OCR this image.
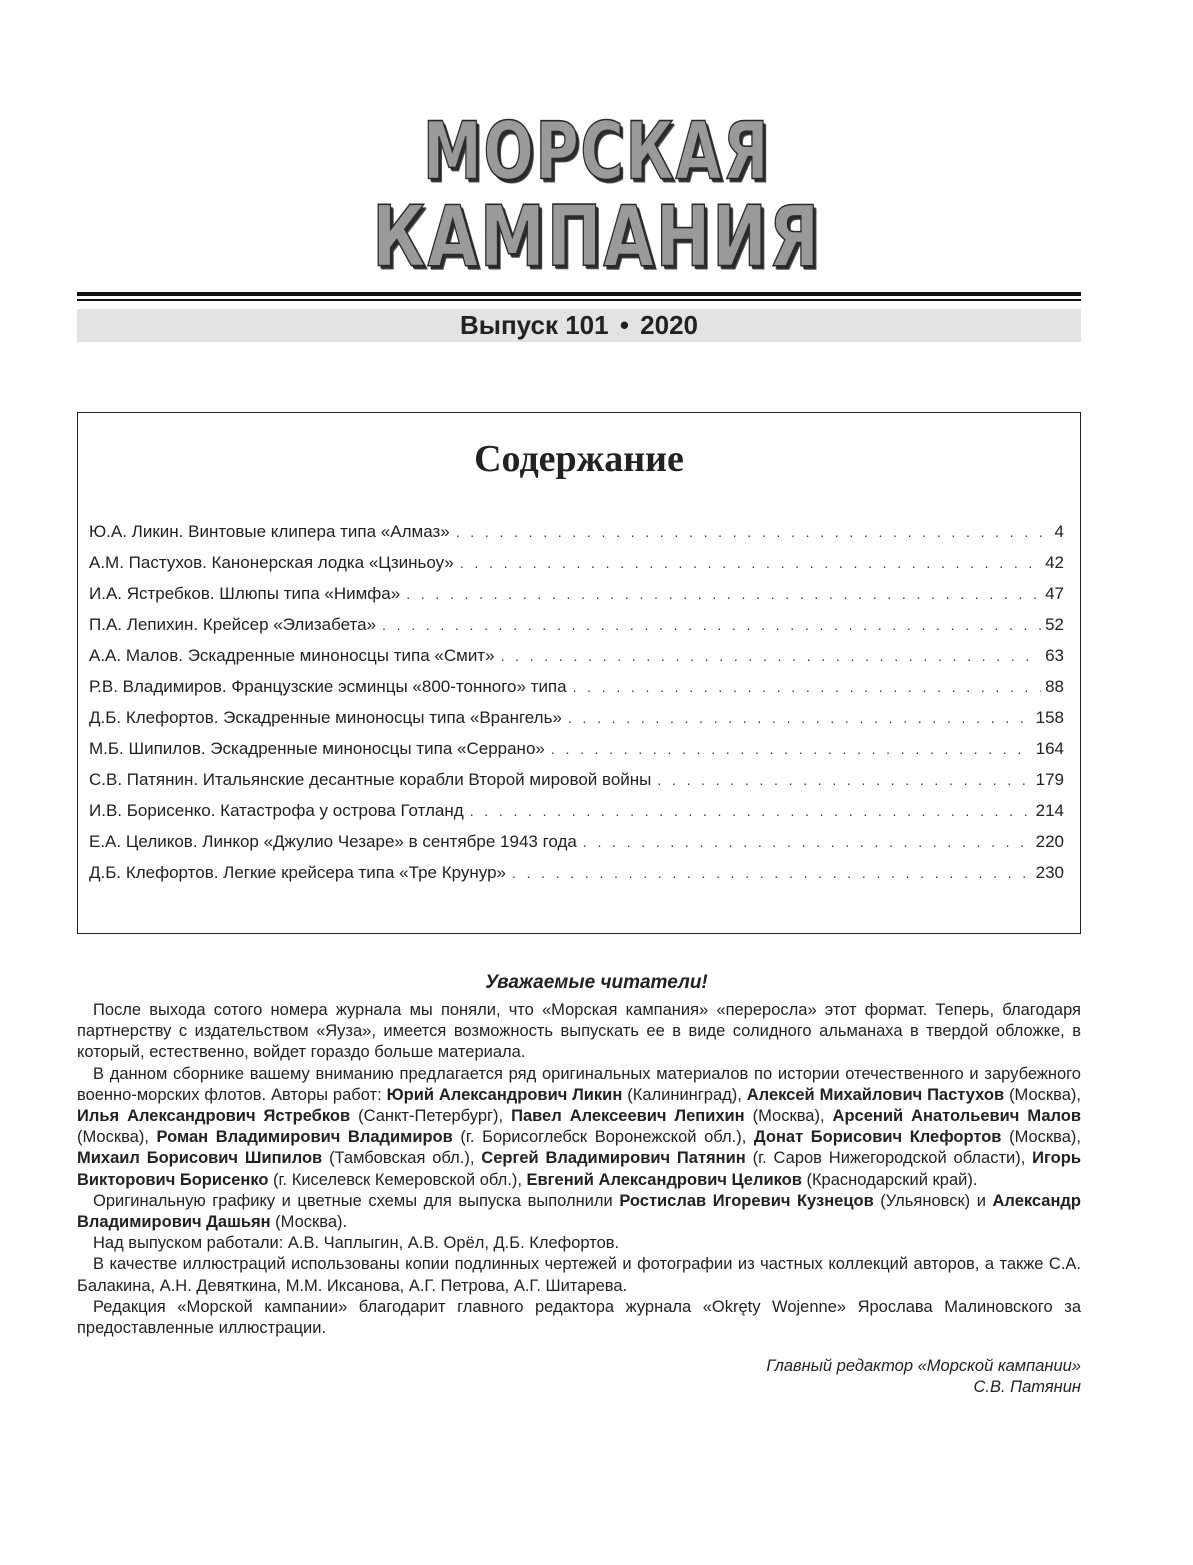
МОРСКАЯ
КАМПАНИЯ
Выпуск 101 • 2020
Содержание
Ю.А. Ликин. Винтовые клипера типа «Алмаз» . . .	4
А.М. Пастухов. Канонерская лодка «Цзиньоу» . . .	42
И.А. Ястребков. Шлюпы типа «Нимфа» . . .	47
П.А. Лепихин. Крейсер «Элизабета» . . .	52
А.А. Малов. Эскадренные миноносцы типа «Смит» . . .	63
Р.В. Владимиров. Французские эсминцы «800-тонного» типа . . .	88
Д.Б. Клефортов. Эскадренные миноносцы типа «Врангель» . . .	158
М.Б. Шипилов. Эскадренные миноносцы типа «Серрано» . . .	164
С.В. Патянин. Итальянские десантные корабли Второй мировой войны . . .	179
И.В. Борисенко. Катастрофа у острова Готланд . . .	214
Е.А. Целиков. Линкор «Джулио Чезаре» в сентябре 1943 года . . .	220
Д.Б. Клефортов. Легкие крейсера типа «Тре Крунур» . . .	230
Уважаемые читатели!

После выхода сотого номера журнала мы поняли, что «Морская кампания» «переросла» этот формат. Теперь, благодаря партнерству с издательством «Яуза», имеется возможность выпускать ее в виде солидного альманаха в твердой обложке, в который, естественно, войдет гораздо больше материала.

В данном сборнике вашему вниманию предлагается ряд оригинальных материалов по истории отечественного и зарубежного военно-морских флотов. Авторы работ: Юрий Александрович Ликин (Калининград), Алексей Михайлович Пастухов (Москва), Илья Александрович Ястребков (Санкт-Петербург), Павел Алексеевич Лепихин (Москва), Арсений Анатольевич Малов (Москва), Роман Владимирович Владимиров (г. Борисоглебск Воронежской обл.), Донат Борисович Клефортов (Москва), Михаил Борисович Шипилов (Тамбовская обл.), Сергей Владимирович Патянин (г. Саров Нижегородской области), Игорь Викторович Борисенко (г. Киселевск Кемеровской обл.), Евгений Александрович Целиков (Краснодарский край).

Оригинальную графику и цветные схемы для выпуска выполнили Ростислав Игоревич Кузнецов (Ульяновск) и Александр Владимирович Дашьян (Москва).

Над выпуском работали: А.В. Чаплыгин, А.В. Орёл, Д.Б. Клефортов.

В качестве иллюстраций использованы копии подлинных чертежей и фотографии из частных коллекций авторов, а также С.А. Балакина, А.Н. Девяткина, М.М. Иксанова, А.Г. Петрова, А.Г. Шитарева.

Редакция «Морской кампании» благодарит главного редактора журнала «Okręty Wojenne» Ярослава Малиновского за предоставленные иллюстрации.

Главный редактор «Морской кампании»
С.В. Патянин
